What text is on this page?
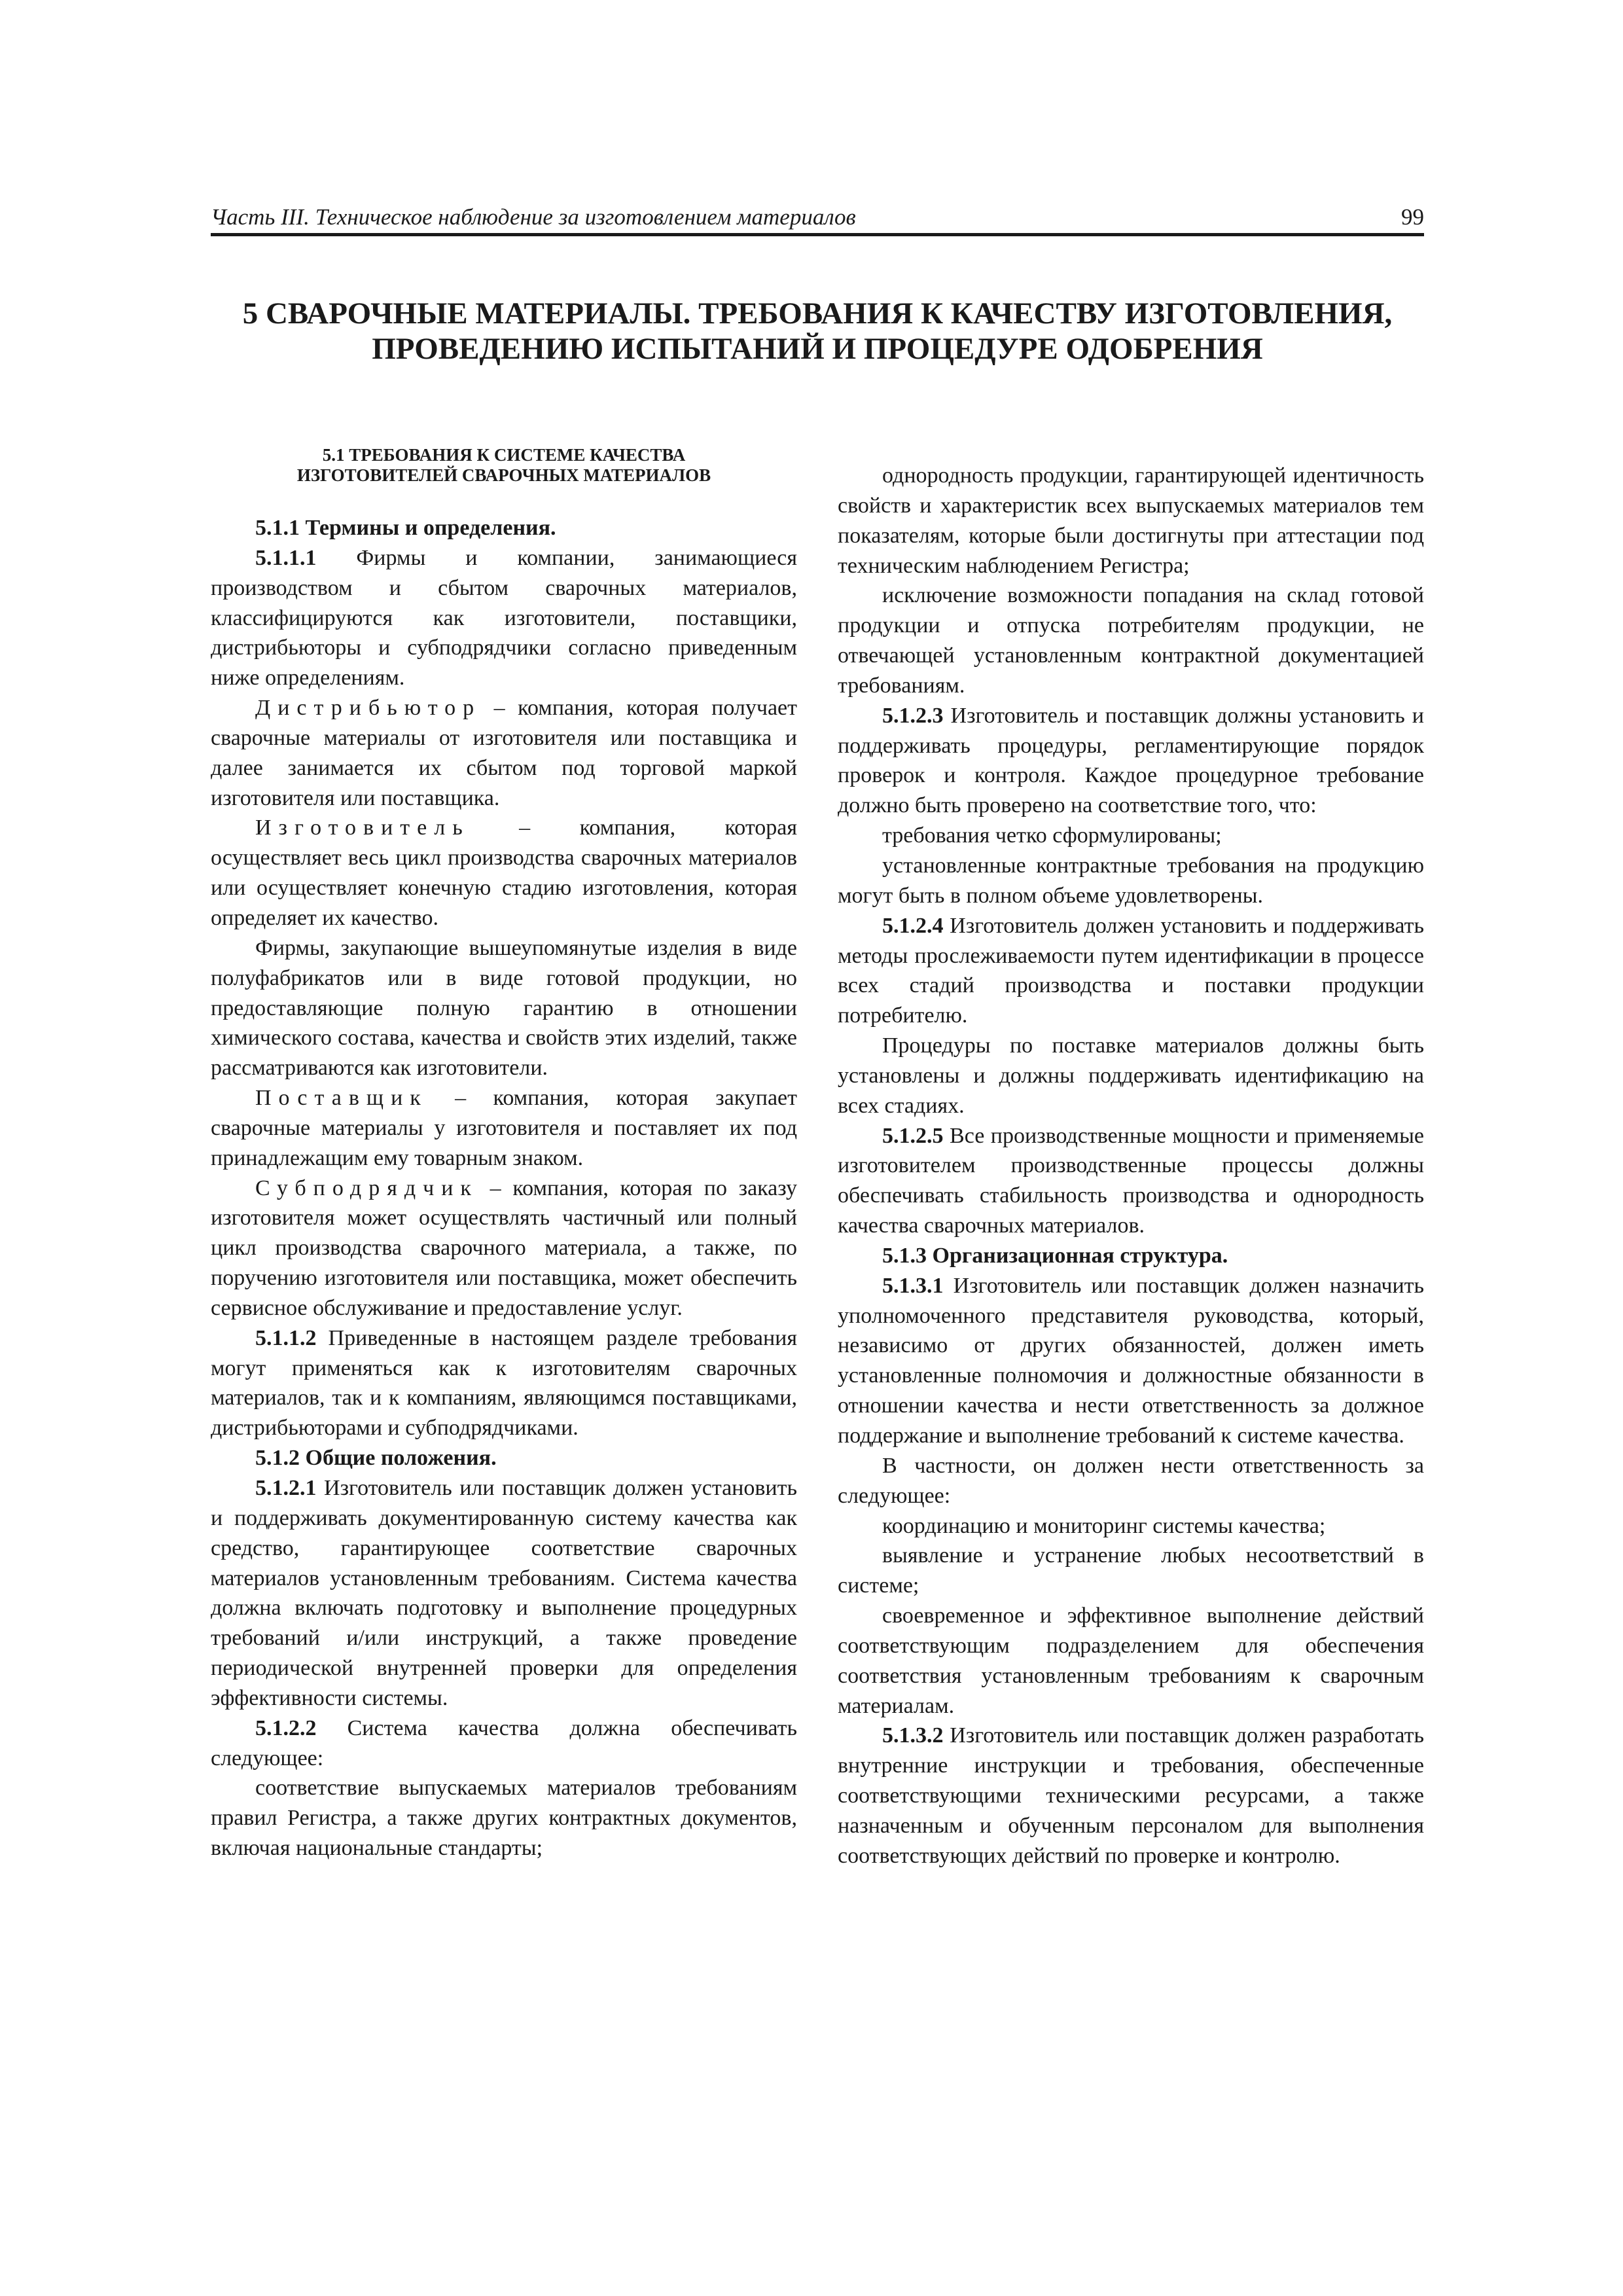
Часть III. Техническое наблюдение за изготовлением материалов	99
5 СВАРОЧНЫЕ МАТЕРИАЛЫ. ТРЕБОВАНИЯ К КАЧЕСТВУ ИЗГОТОВЛЕНИЯ,
ПРОВЕДЕНИЮ ИСПЫТАНИЙ И ПРОЦЕДУРЕ ОДОБРЕНИЯ
5.1 ТРЕБОВАНИЯ К СИСТЕМЕ КАЧЕСТВА
ИЗГОТОВИТЕЛЕЙ СВАРОЧНЫХ МАТЕРИАЛОВ

5.1.1 Термины и определения.

5.1.1.1 Фирмы и компании, занимающиеся производством и сбытом сварочных материалов, классифицируются как изготовители, поставщики, дистрибьюторы и субподрядчики согласно приведенным ниже определениям.

Дистрибьютор – компания, которая получает сварочные материалы от изготовителя или поставщика и далее занимается их сбытом под торговой маркой изготовителя или поставщика.

Изготовитель – компания, которая осуществляет весь цикл производства сварочных материалов или осуществляет конечную стадию изготовления, которая определяет их качество.

Фирмы, закупающие вышеупомянутые изделия в виде полуфабрикатов или в виде готовой продукции, но предоставляющие полную гарантию в отношении химического состава, качества и свойств этих изделий, также рассматриваются как изготовители.

Поставщик – компания, которая закупает сварочные материалы у изготовителя и поставляет их под принадлежащим ему товарным знаком.

Субподрядчик – компания, которая по заказу изготовителя может осуществлять частичный или полный цикл производства сварочного материала, а также, по поручению изготовителя или поставщика, может обеспечить сервисное обслуживание и предоставление услуг.

5.1.1.2 Приведенные в настоящем разделе требования могут применяться как к изготовителям сварочных материалов, так и к компаниям, являющимся поставщиками, дистрибьюторами и субподрядчиками.

5.1.2 Общие положения.

5.1.2.1 Изготовитель или поставщик должен установить и поддерживать документированную систему качества как средство, гарантирующее соответствие сварочных материалов установленным требованиям. Система качества должна включать подготовку и выполнение процедурных требований и/или инструкций, а также проведение периодической внутренней проверки для определения эффективности системы.

5.1.2.2 Система качества должна обеспечивать следующее:

соответствие выпускаемых материалов требованиям правил Регистра, а также других контрактных документов, включая национальные стандарты;

однородность продукции, гарантирующей идентичность свойств и характеристик всех выпускаемых материалов тем показателям, которые были достигнуты при аттестации под техническим наблюдением Регистра;

исключение возможности попадания на склад готовой продукции и отпуска потребителям продукции, не отвечающей установленным контрактной документацией требованиям.

5.1.2.3 Изготовитель и поставщик должны установить и поддерживать процедуры, регламентирующие порядок проверок и контроля. Каждое процедурное требование должно быть проверено на соответствие того, что:

требования четко сформулированы;

установленные контрактные требования на продукцию могут быть в полном объеме удовлетворены.

5.1.2.4 Изготовитель должен установить и поддерживать методы прослеживаемости путем идентификации в процессе всех стадий производства и поставки продукции потребителю.

Процедуры по поставке материалов должны быть установлены и должны поддерживать идентификацию на всех стадиях.

5.1.2.5 Все производственные мощности и применяемые изготовителем производственные процессы должны обеспечивать стабильность производства и однородность качества сварочных материалов.

5.1.3 Организационная структура.

5.1.3.1 Изготовитель или поставщик должен назначить уполномоченного представителя руководства, который, независимо от других обязанностей, должен иметь установленные полномочия и должностные обязанности в отношении качества и нести ответственность за должное поддержание и выполнение требований к системе качества.

В частности, он должен нести ответственность за следующее:

координацию и мониторинг системы качества;

выявление и устранение любых несоответствий в системе;

своевременное и эффективное выполнение действий соответствующим подразделением для обеспечения соответствия установленным требованиям к сварочным материалам.

5.1.3.2 Изготовитель или поставщик должен разработать внутренние инструкции и требования, обеспеченные соответствующими техническими ресурсами, а также назначенным и обученным персоналом для выполнения соответствующих действий по проверке и контролю.
